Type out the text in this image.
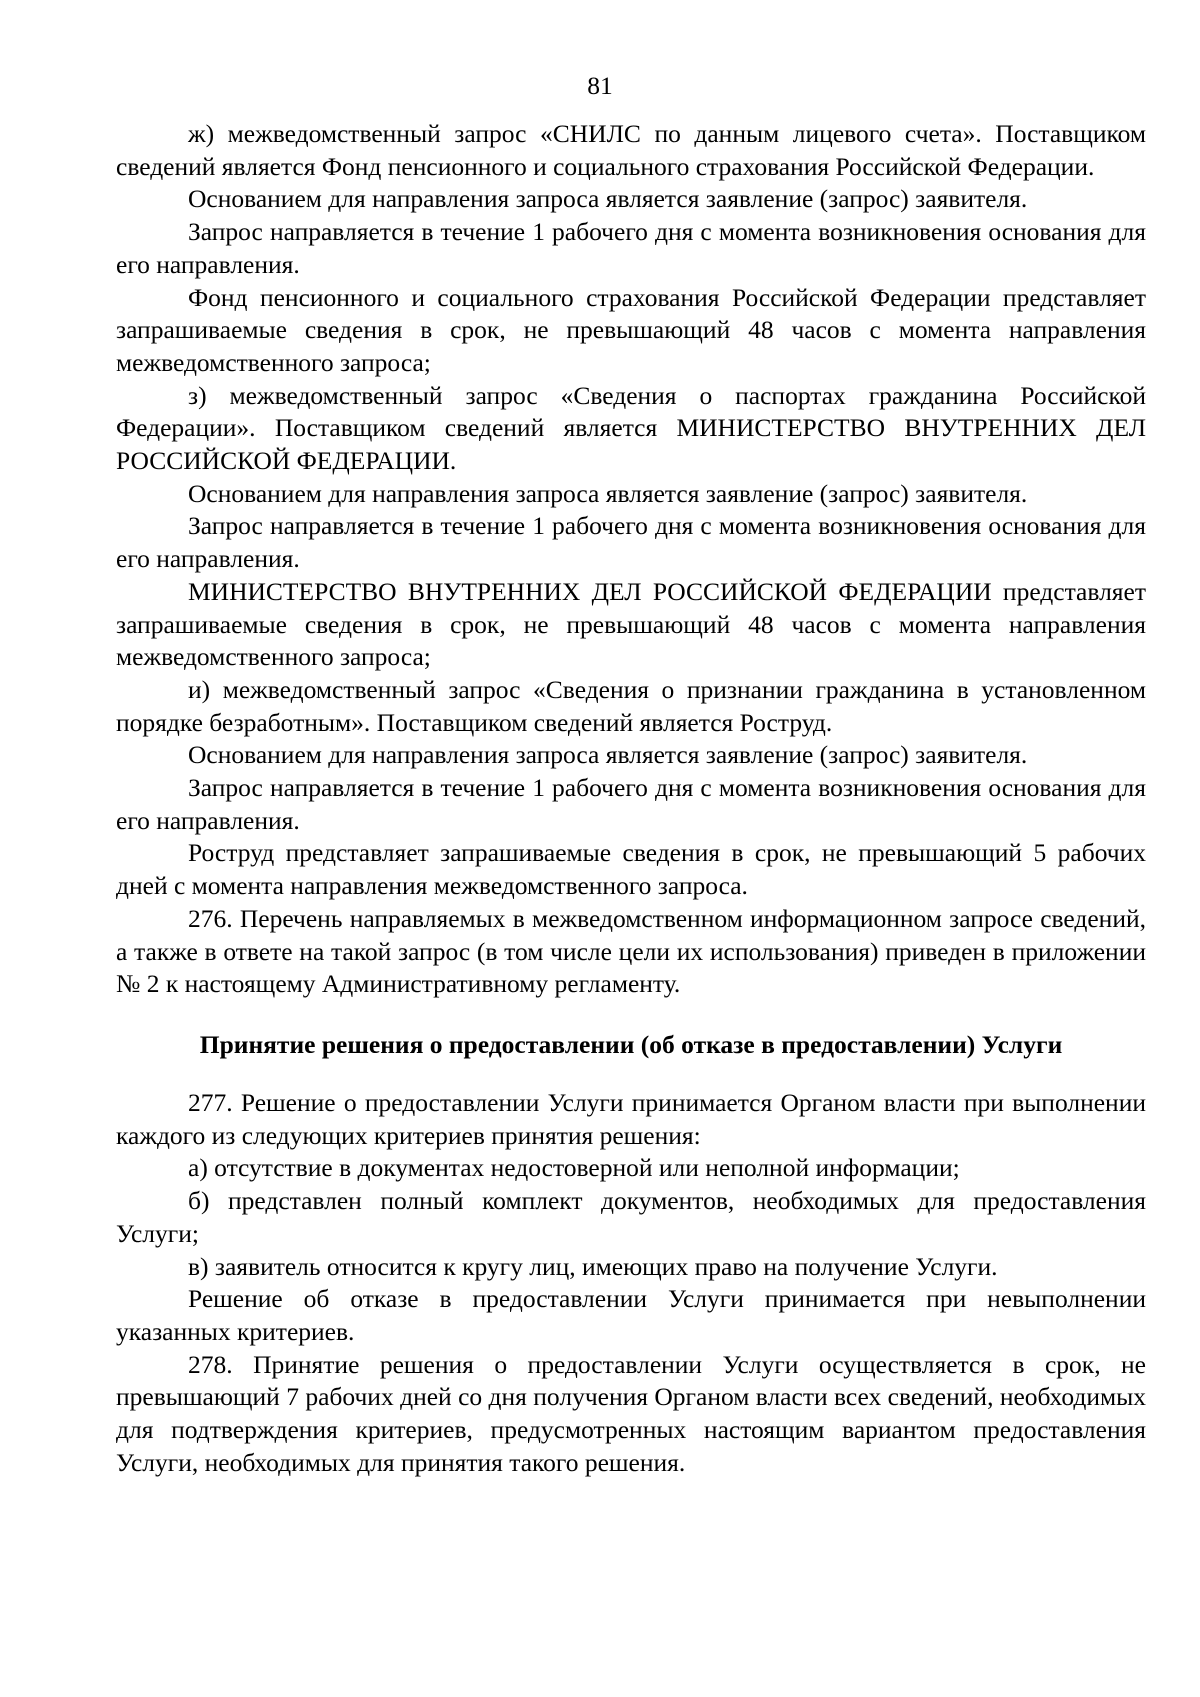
81

ж) межведомственный запрос «СНИЛС по данным лицевого счета». Поставщиком сведений является Фонд пенсионного и социального страхования Российской Федерации.

Основанием для направления запроса является заявление (запрос) заявителя.

Запрос направляется в течение 1 рабочего дня с момента возникновения основания для его направления.

Фонд пенсионного и социального страхования Российской Федерации представляет запрашиваемые сведения в срок, не превышающий 48 часов с момента направления межведомственного запроса;

з) межведомственный запрос «Сведения о паспортах гражданина Российской Федерации». Поставщиком сведений является МИНИСТЕРСТВО ВНУТРЕННИХ ДЕЛ РОССИЙСКОЙ ФЕДЕРАЦИИ.

Основанием для направления запроса является заявление (запрос) заявителя.

Запрос направляется в течение 1 рабочего дня с момента возникновения основания для его направления.

МИНИСТЕРСТВО ВНУТРЕННИХ ДЕЛ РОССИЙСКОЙ ФЕДЕРАЦИИ представляет запрашиваемые сведения в срок, не превышающий 48 часов с момента направления межведомственного запроса;

и) межведомственный запрос «Сведения о признании гражданина в установленном порядке безработным». Поставщиком сведений является Роструд.

Основанием для направления запроса является заявление (запрос) заявителя.

Запрос направляется в течение 1 рабочего дня с момента возникновения основания для его направления.

Роструд представляет запрашиваемые сведения в срок, не превышающий 5 рабочих дней с момента направления межведомственного запроса.

276. Перечень направляемых в межведомственном информационном запросе сведений, а также в ответе на такой запрос (в том числе цели их использования) приведен в приложении № 2 к настоящему Административному регламенту.

Принятие решения о предоставлении (об отказе в предоставлении) Услуги

277. Решение о предоставлении Услуги принимается Органом власти при выполнении каждого из следующих критериев принятия решения:

а) отсутствие в документах недостоверной или неполной информации;

б) представлен полный комплект документов, необходимых для предоставления Услуги;

в) заявитель относится к кругу лиц, имеющих право на получение Услуги.

Решение об отказе в предоставлении Услуги принимается при невыполнении указанных критериев.

278. Принятие решения о предоставлении Услуги осуществляется в срок, не превышающий 7 рабочих дней со дня получения Органом власти всех сведений, необходимых для подтверждения критериев, предусмотренных настоящим вариантом предоставления Услуги, необходимых для принятия такого решения.
